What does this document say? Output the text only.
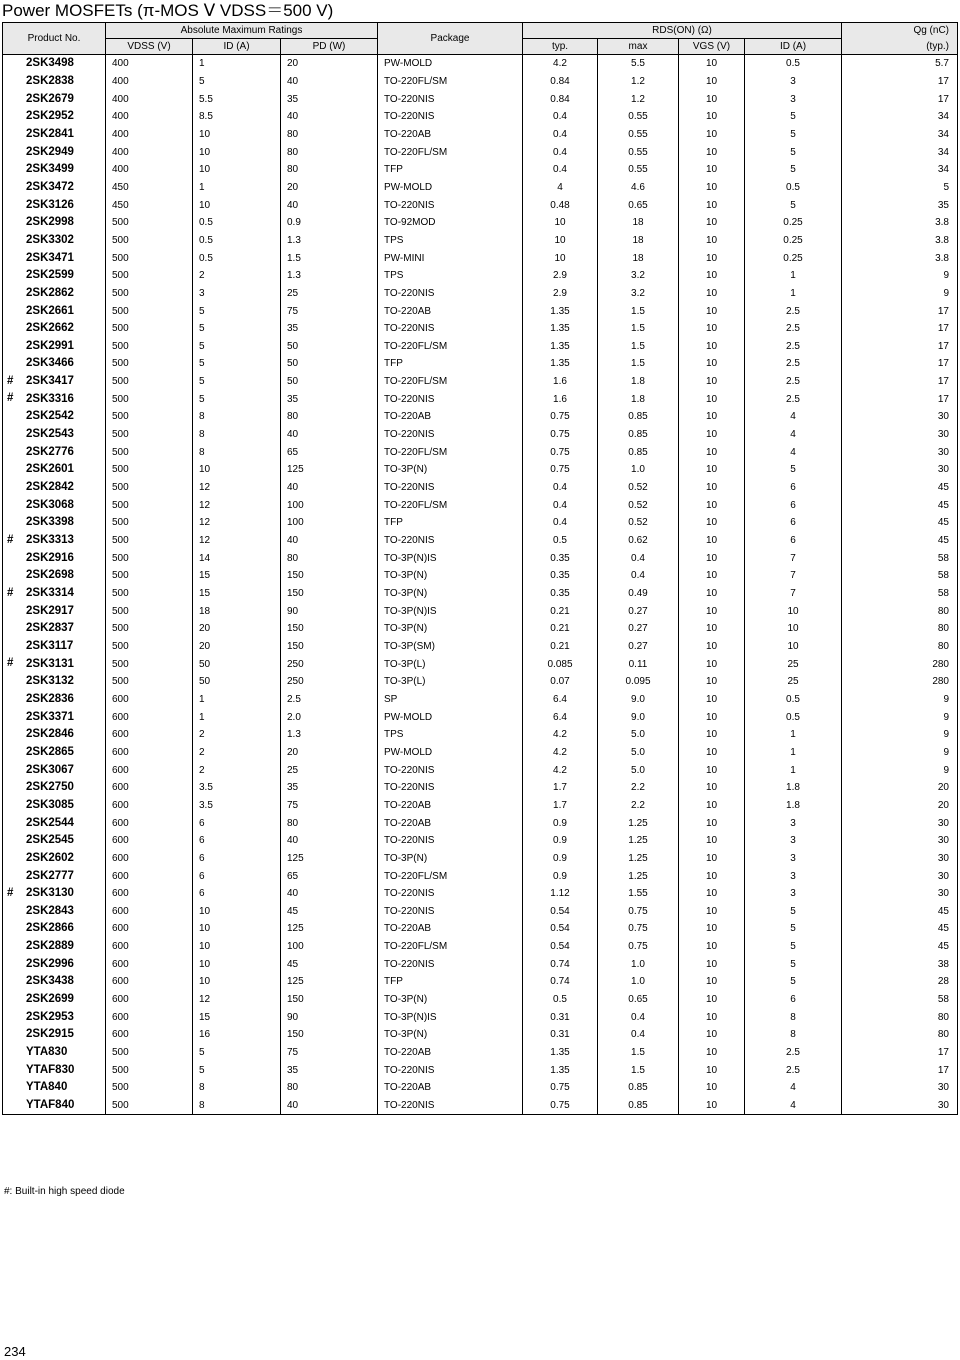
Power MOSFETs (π-MOS Ⅴ VDSS＝500 V)
Product No.	Absolute Maximum Ratings			Package	RDS(ON) (Ω)				Qg (nC)
	VDSS (V)	ID (A)	PD (W)		typ.	max	VGS (V)	ID (A)	(typ.)

2SK3498	400	1	20	PW-MOLD	4.2	5.5	10	0.5	5.7

2SK2838	400	5	40	TO-220FL/SM	0.84	1.2	10	3	17

2SK2679	400	5.5	35	TO-220NIS	0.84	1.2	10	3	17

2SK2952	400	8.5	40	TO-220NIS	0.4	0.55	10	5	34

2SK2841	400	10	80	TO-220AB	0.4	0.55	10	5	34

2SK2949	400	10	80	TO-220FL/SM	0.4	0.55	10	5	34

2SK3499	400	10	80	TFP	0.4	0.55	10	5	34

2SK3472	450	1	20	PW-MOLD	4	4.6	10	0.5	5

2SK3126	450	10	40	TO-220NIS	0.48	0.65	10	5	35

2SK2998	500	0.5	0.9	TO-92MOD	10	18	10	0.25	3.8

2SK3302	500	0.5	1.3	TPS	10	18	10	0.25	3.8

2SK3471	500	0.5	1.5	PW-MINI	10	18	10	0.25	3.8

2SK2599	500	2	1.3	TPS	2.9	3.2	10	1	9

2SK2862	500	3	25	TO-220NIS	2.9	3.2	10	1	9

2SK2661	500	5	75	TO-220AB	1.35	1.5	10	2.5	17

2SK2662	500	5	35	TO-220NIS	1.35	1.5	10	2.5	17

2SK2991	500	5	50	TO-220FL/SM	1.35	1.5	10	2.5	17

2SK3466	500	5	50	TFP	1.35	1.5	10	2.5	17

# 2SK3417	500	5	50	TO-220FL/SM	1.6	1.8	10	2.5	17

# 2SK3316	500	5	35	TO-220NIS	1.6	1.8	10	2.5	17

2SK2542	500	8	80	TO-220AB	0.75	0.85	10	4	30

2SK2543	500	8	40	TO-220NIS	0.75	0.85	10	4	30

2SK2776	500	8	65	TO-220FL/SM	0.75	0.85	10	4	30

2SK2601	500	10	125	TO-3P(N)	0.75	1.0	10	5	30

2SK2842	500	12	40	TO-220NIS	0.4	0.52	10	6	45

2SK3068	500	12	100	TO-220FL/SM	0.4	0.52	10	6	45

2SK3398	500	12	100	TFP	0.4	0.52	10	6	45

# 2SK3313	500	12	40	TO-220NIS	0.5	0.62	10	6	45

2SK2916	500	14	80	TO-3P(N)IS	0.35	0.4	10	7	58

2SK2698	500	15	150	TO-3P(N)	0.35	0.4	10	7	58

# 2SK3314	500	15	150	TO-3P(N)	0.35	0.49	10	7	58

2SK2917	500	18	90	TO-3P(N)IS	0.21	0.27	10	10	80

2SK2837	500	20	150	TO-3P(N)	0.21	0.27	10	10	80

2SK3117	500	20	150	TO-3P(SM)	0.21	0.27	10	10	80

# 2SK3131	500	50	250	TO-3P(L)	0.085	0.11	10	25	280

2SK3132	500	50	250	TO-3P(L)	0.07	0.095	10	25	280

2SK2836	600	1	2.5	SP	6.4	9.0	10	0.5	9

2SK3371	600	1	2.0	PW-MOLD	6.4	9.0	10	0.5	9

2SK2846	600	2	1.3	TPS	4.2	5.0	10	1	9

2SK2865	600	2	20	PW-MOLD	4.2	5.0	10	1	9

2SK3067	600	2	25	TO-220NIS	4.2	5.0	10	1	9

2SK2750	600	3.5	35	TO-220NIS	1.7	2.2	10	1.8	20

2SK3085	600	3.5	75	TO-220AB	1.7	2.2	10	1.8	20

2SK2544	600	6	80	TO-220AB	0.9	1.25	10	3	30

2SK2545	600	6	40	TO-220NIS	0.9	1.25	10	3	30

2SK2602	600	6	125	TO-3P(N)	0.9	1.25	10	3	30

2SK2777	600	6	65	TO-220FL/SM	0.9	1.25	10	3	30

# 2SK3130	600	6	40	TO-220NIS	1.12	1.55	10	3	30

2SK2843	600	10	45	TO-220NIS	0.54	0.75	10	5	45

2SK2866	600	10	125	TO-220AB	0.54	0.75	10	5	45

2SK2889	600	10	100	TO-220FL/SM	0.54	0.75	10	5	45

2SK2996	600	10	45	TO-220NIS	0.74	1.0	10	5	38

2SK3438	600	10	125	TFP	0.74	1.0	10	5	28

2SK2699	600	12	150	TO-3P(N)	0.5	0.65	10	6	58

2SK2953	600	15	90	TO-3P(N)IS	0.31	0.4	10	8	80

2SK2915	600	16	150	TO-3P(N)	0.31	0.4	10	8	80

YTA830	500	5	75	TO-220AB	1.35	1.5	10	2.5	17

YTAF830	500	5	35	TO-220NIS	1.35	1.5	10	2.5	17

YTA840	500	8	80	TO-220AB	0.75	0.85	10	4	30

YTAF840	500	8	40	TO-220NIS	0.75	0.85	10	4	30
#: Built-in high speed diode
234
